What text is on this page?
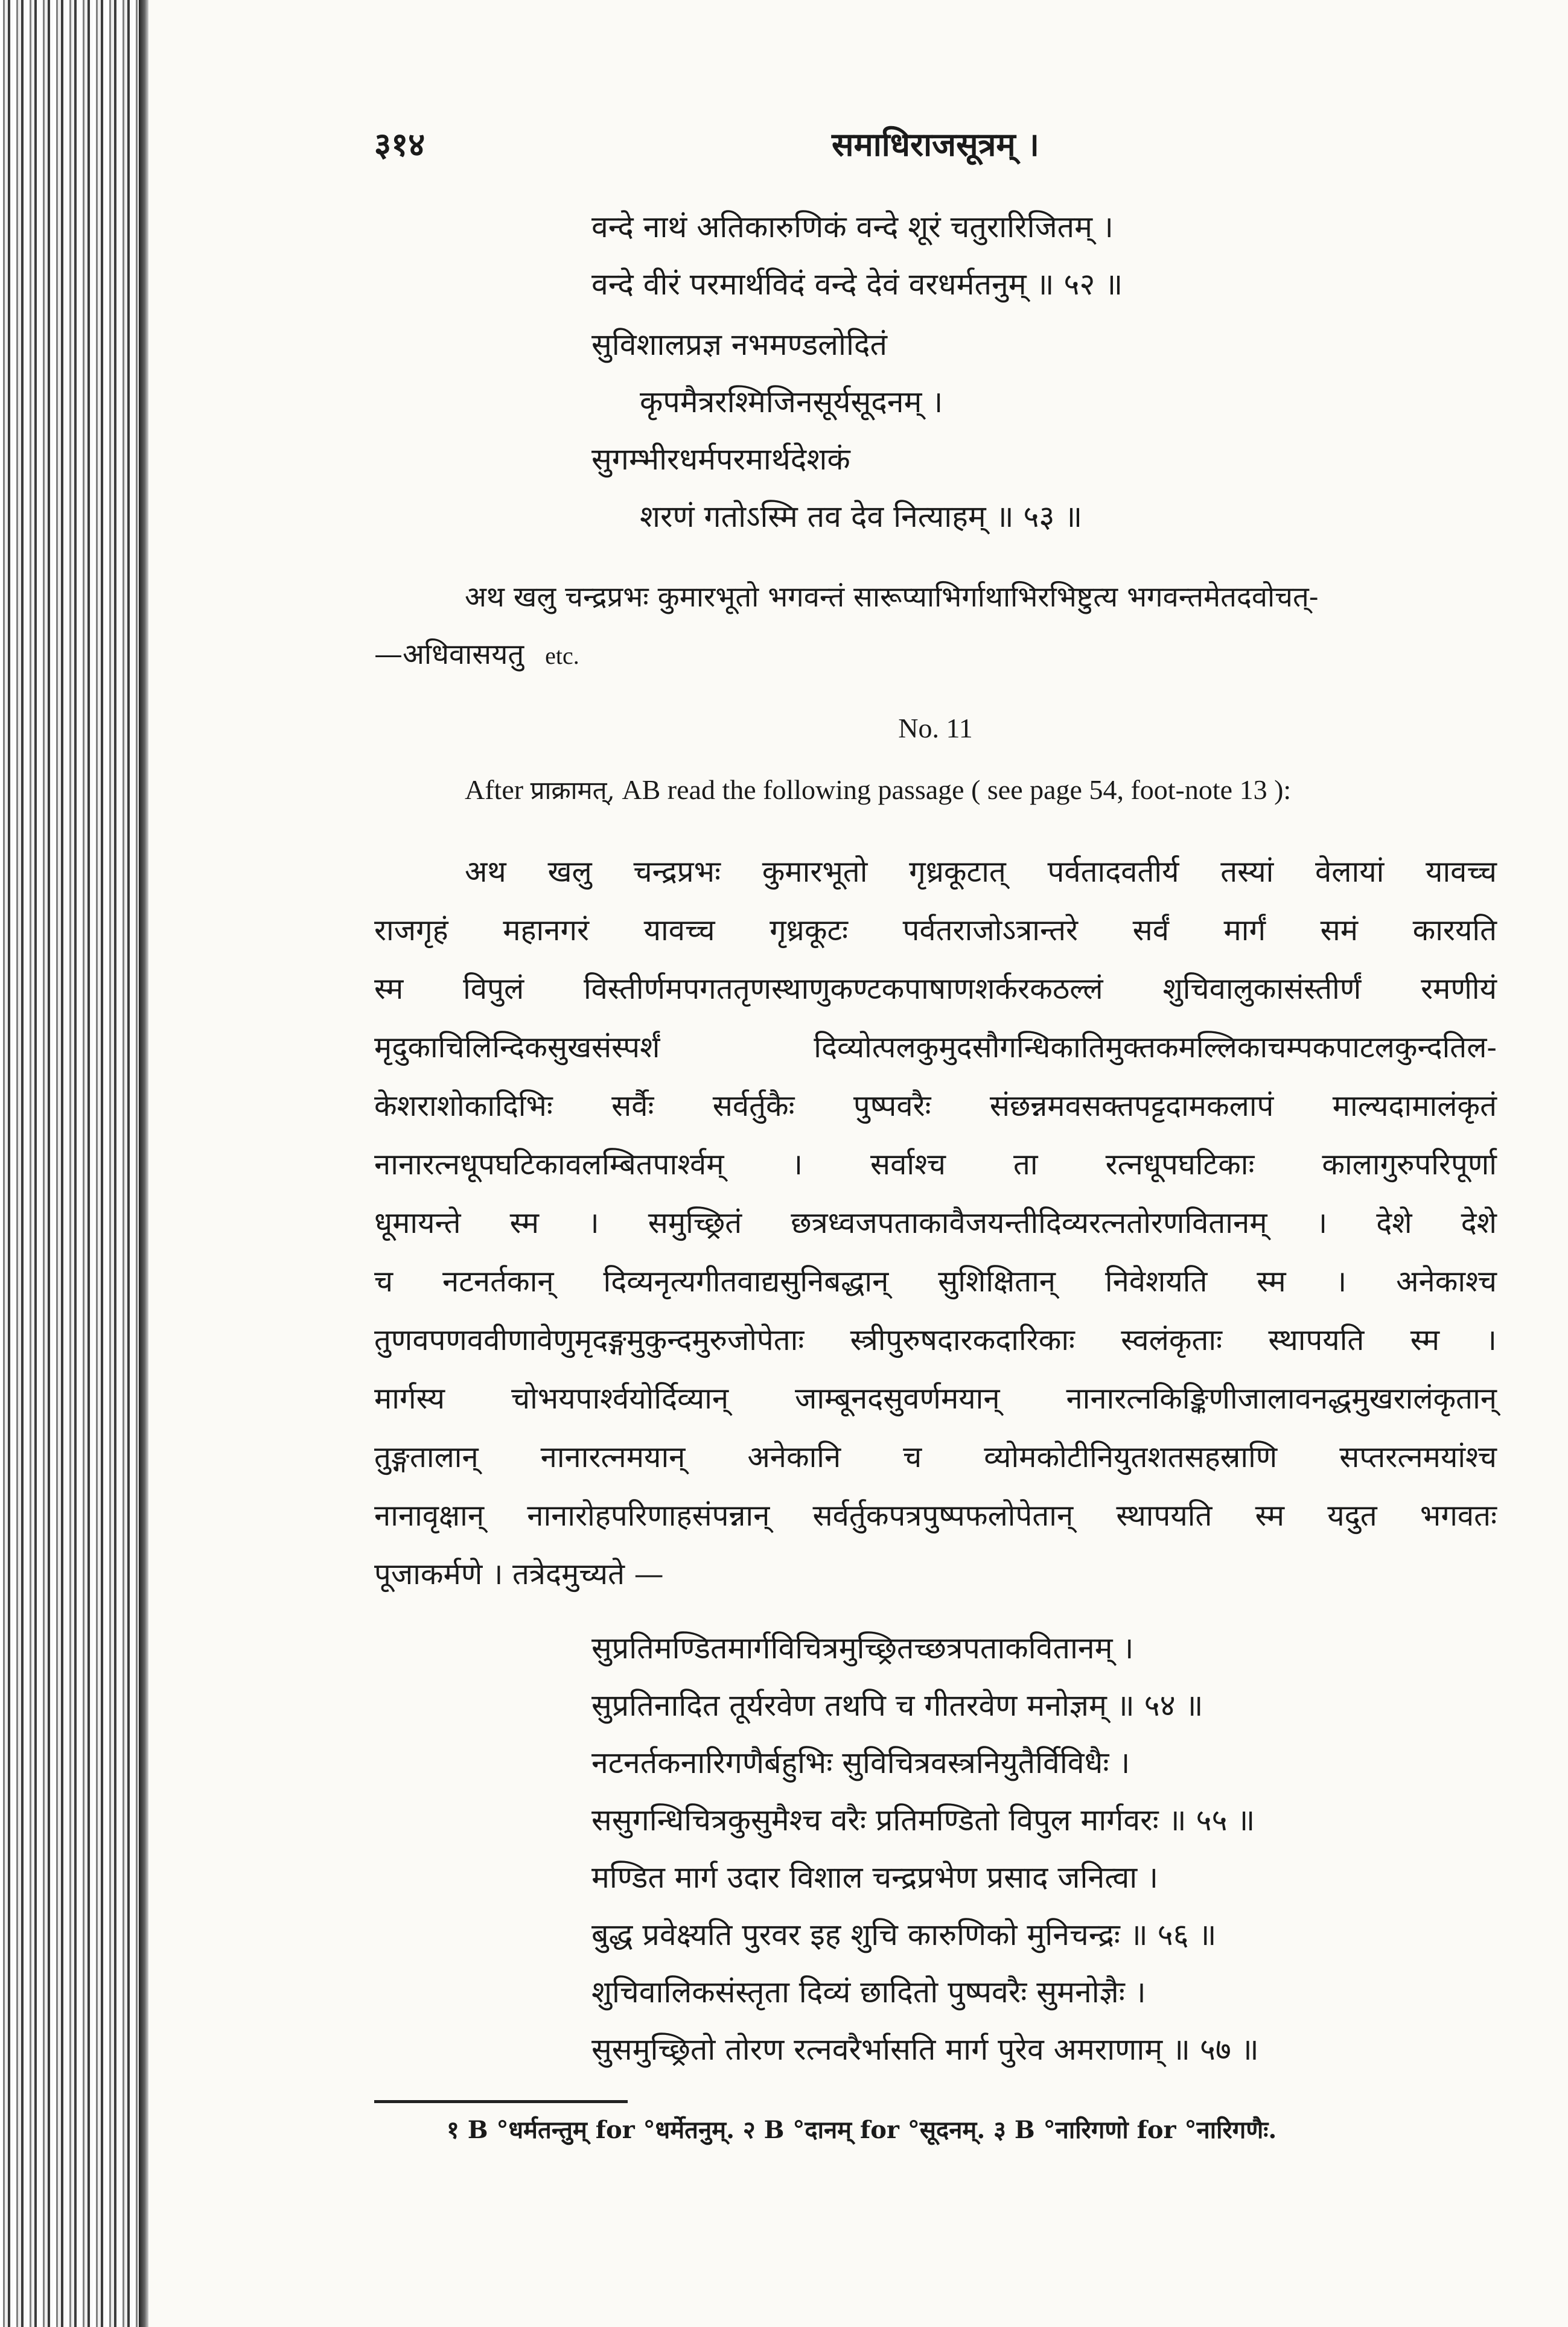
३१४	समाधिराजसूत्रम् ।
वन्दे नाथं अतिकारुणिकं वन्दे शूरं चतुरारिजितम् ।
वन्दे वीरं परमार्थविदं वन्दे देवं वरधर्मतनुम् ॥ ५२ ॥
सुविशालप्रज्ञ नभमण्डलोदितं
कृपमैत्ररश्मिजिनसूर्यसूदनम् ।
सुगम्भीरधर्मपरमार्थदेशकं
शरणं गतोऽस्मि तव देव नित्याहम् ॥ ५३ ॥
अथ खलु चन्द्रप्रभः कुमारभूतो भगवन्तं सारूप्याभिर्गाथाभिरभिष्टुत्य भगवन्तमेतदवोचत्-
—अधिवासयतु etc.
No. 11
After प्राक्रामत्, AB read the following passage ( see page 54, foot-note 13 ):
अथ खलु चन्द्रप्रभः कुमारभूतो गृध्रकूटात् पर्वतादवतीर्य तस्यां वेलायां यावच्च
राजगृहं महानगरं यावच्च गृध्रकूटः पर्वतराजोऽत्रान्तरे सर्वं मार्गं समं कारयति
स्म विपुलं विस्तीर्णमपगततृणस्थाणुकण्टकपाषाणशर्करकठल्लं शुचिवालुकासंस्तीर्णं रमणीयं
मृदुकाचिलिन्दिकसुखसंस्पर्शं दिव्योत्पलकुमुदसौगन्धिकातिमुक्तकमल्लिकाचम्पकपाटलकुन्दतिल-
केशराशोकादिभिः सर्वैः सर्वर्तुकैः पुष्पवरैः संछन्नमवसक्तपट्टदामकलापं माल्यदामालंकृतं
नानारत्नधूपघटिकावलम्बितपार्श्वम् । सर्वाश्च ता रत्नधूपघटिकाः कालागुरुपरिपूर्णा
धूमायन्ते स्म । समुच्छ्रितं छत्रध्वजपताकावैजयन्तीदिव्यरत्नतोरणवितानम् । देशे देशे
च नटनर्तकान् दिव्यनृत्यगीतवाद्यसुनिबद्धान् सुशिक्षितान् निवेशयति स्म । अनेकाश्च
तुणवपणववीणावेणुमृदङ्गमुकुन्दमुरुजोपेताः स्त्रीपुरुषदारकदारिकाः स्वलंकृताः स्थापयति स्म ।
मार्गस्य चोभयपार्श्वयोर्दिव्यान् जाम्बूनदसुवर्णमयान् नानारत्नकिङ्किणीजालावनद्धमुखरालंकृतान्
तुङ्गतालान् नानारत्नमयान् अनेकानि च व्योमकोटीनियुतशतसहस्राणि सप्तरत्नमयांश्च
नानावृक्षान् नानारोहपरिणाहसंपन्नान् सर्वर्तुकपत्रपुष्पफलोपेतान् स्थापयति स्म यदुत भगवतः
पूजाकर्मणे । तत्रेदमुच्यते —
सुप्रतिमण्डितमार्गविचित्रमुच्छ्रितच्छत्रपताकवितानम् ।
सुप्रतिनादित तूर्यरवेण तथपि च गीतरवेण मनोज्ञम् ॥ ५४ ॥
नटनर्तकनारिगणैर्बहुभिः सुविचित्रवस्त्रनियुतैर्विविधैः ।
ससुगन्धिचित्रकुसुमैश्च वरैः प्रतिमण्डितो विपुल मार्गवरः ॥ ५५ ॥
मण्डित मार्ग उदार विशाल चन्द्रप्रभेण प्रसाद जनित्वा ।
बुद्ध प्रवेक्ष्यति पुरवर इह शुचि कारुणिको मुनिचन्द्रः ॥ ५६ ॥
शुचिवालिकसंस्तृता दिव्यं छादितो पुष्पवरैः सुमनोज्ञैः ।
सुसमुच्छ्रितो तोरण रत्नवरैर्भासति मार्ग पुरेव अमराणाम् ॥ ५७ ॥
१ B °धर्मतन्तुम् for °धर्मेतनुम्. २ B °दानम् for °सूदनम्. ३ B °नारिगणो for °नारिगणैः.
